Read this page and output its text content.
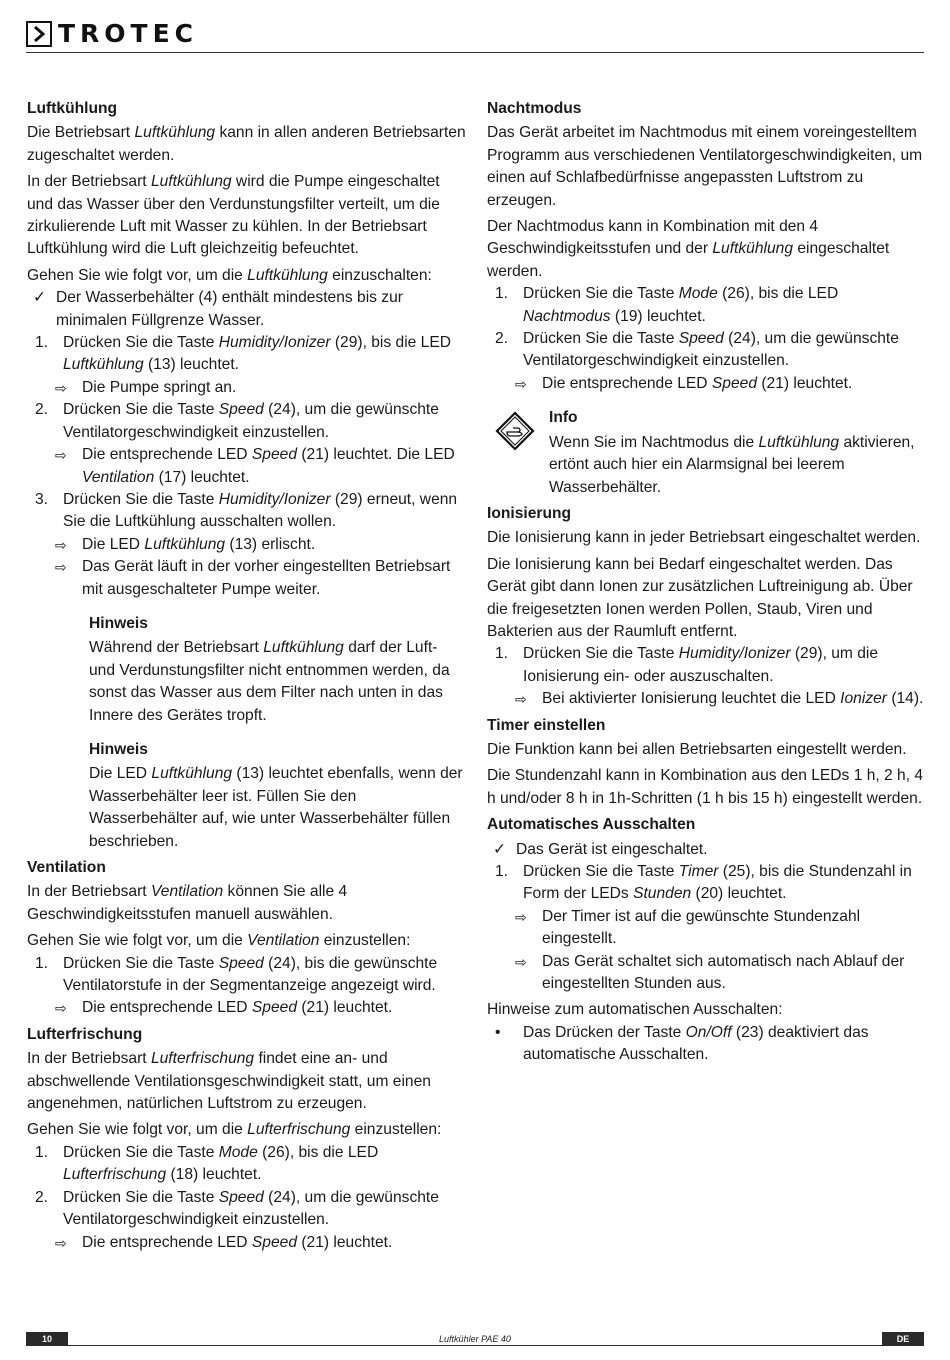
TROTEC
Luftkühlung

Die Betriebsart Luftkühlung kann in allen anderen Betriebsarten zugeschaltet werden.

In der Betriebsart Luftkühlung wird die Pumpe eingeschaltet und das Wasser über den Verdunstungsfilter verteilt, um die zirkulierende Luft mit Wasser zu kühlen. In der Betriebsart Luftkühlung wird die Luft gleichzeitig befeuchtet.

Gehen Sie wie folgt vor, um die Luftkühlung einzuschalten:
✓ Der Wasserbehälter (4) enthält mindestens bis zur minimalen Füllgrenze Wasser.
1. Drücken Sie die Taste Humidity/Ionizer (29), bis die LED Luftkühlung (13) leuchtet.
⇨ Die Pumpe springt an.
2. Drücken Sie die Taste Speed (24), um die gewünschte Ventilatorgeschwindigkeit einzustellen.
⇨ Die entsprechende LED Speed (21) leuchtet. Die LED Ventilation (17) leuchtet.
3. Drücken Sie die Taste Humidity/Ionizer (29) erneut, wenn Sie die Luftkühlung ausschalten wollen.
⇨ Die LED Luftkühlung (13) erlischt.
⇨ Das Gerät läuft in der vorher eingestellten Betriebsart mit ausgeschalteter Pumpe weiter.
Hinweis

Während der Betriebsart Luftkühlung darf der Luft- und Verdunstungsfilter nicht entnommen werden, da sonst das Wasser aus dem Filter nach unten in das Innere des Gerätes tropft.

Hinweis

Die LED Luftkühlung (13) leuchtet ebenfalls, wenn der Wasserbehälter leer ist. Füllen Sie den Wasserbehälter auf, wie unter Wasserbehälter füllen beschrieben.

Ventilation

In der Betriebsart Ventilation können Sie alle 4 Geschwindigkeitsstufen manuell auswählen.

Gehen Sie wie folgt vor, um die Ventilation einzustellen:
1. Drücken Sie die Taste Speed (24), bis die gewünschte Ventilatorstufe in der Segmentanzeige angezeigt wird.
⇨ Die entsprechende LED Speed (21) leuchtet.
Lufterfrischung

In der Betriebsart Lufterfrischung findet eine an- und abschwellende Ventilationsgeschwindigkeit statt, um einen angenehmen, natürlichen Luftstrom zu erzeugen.

Gehen Sie wie folgt vor, um die Lufterfrischung einzustellen:
1. Drücken Sie die Taste Mode (26), bis die LED Lufterfrischung (18) leuchtet.
2. Drücken Sie die Taste Speed (24), um die gewünschte Ventilatorgeschwindigkeit einzustellen.
⇨ Die entsprechende LED Speed (21) leuchtet.
Nachtmodus

Das Gerät arbeitet im Nachtmodus mit einem voreingestelltem Programm aus verschiedenen Ventilatorgeschwindigkeiten, um einen auf Schlafbedürfnisse angepassten Luftstrom zu erzeugen.

Der Nachtmodus kann in Kombination mit den 4 Geschwindigkeitsstufen und der Luftkühlung eingeschaltet werden.
1. Drücken Sie die Taste Mode (26), bis die LED Nachtmodus (19) leuchtet.
2. Drücken Sie die Taste Speed (24), um die gewünschte Ventilatorgeschwindigkeit einzustellen.
⇨ Die entsprechende LED Speed (21) leuchtet.
Info

Wenn Sie im Nachtmodus die Luftkühlung aktivieren, ertönt auch hier ein Alarmsignal bei leerem Wasserbehälter.

Ionisierung

Die Ionisierung kann in jeder Betriebsart eingeschaltet werden.

Die Ionisierung kann bei Bedarf eingeschaltet werden. Das Gerät gibt dann Ionen zur zusätzlichen Luftreinigung ab. Über die freigesetzten Ionen werden Pollen, Staub, Viren und Bakterien aus der Raumluft entfernt.
1. Drücken Sie die Taste Humidity/Ionizer (29), um die Ionisierung ein- oder auszuschalten.
⇨ Bei aktivierter Ionisierung leuchtet die LED Ionizer (14).
Timer einstellen

Die Funktion kann bei allen Betriebsarten eingestellt werden.

Die Stundenzahl kann in Kombination aus den LEDs 1 h, 2 h, 4 h und/oder 8 h in 1h-Schritten (1 h bis 15 h) eingestellt werden.

Automatisches Ausschalten
✓ Das Gerät ist eingeschaltet.
1. Drücken Sie die Taste Timer (25), bis die Stundenzahl in Form der LEDs Stunden (20) leuchtet.
⇨ Der Timer ist auf die gewünschte Stundenzahl eingestellt.
⇨ Das Gerät schaltet sich automatisch nach Ablauf der eingestellten Stunden aus.
Hinweise zum automatischen Ausschalten:
•	Das Drücken der Taste On/Off (23) deaktiviert das automatische Ausschalten.
10	Luftkühler PAE 40	DE
